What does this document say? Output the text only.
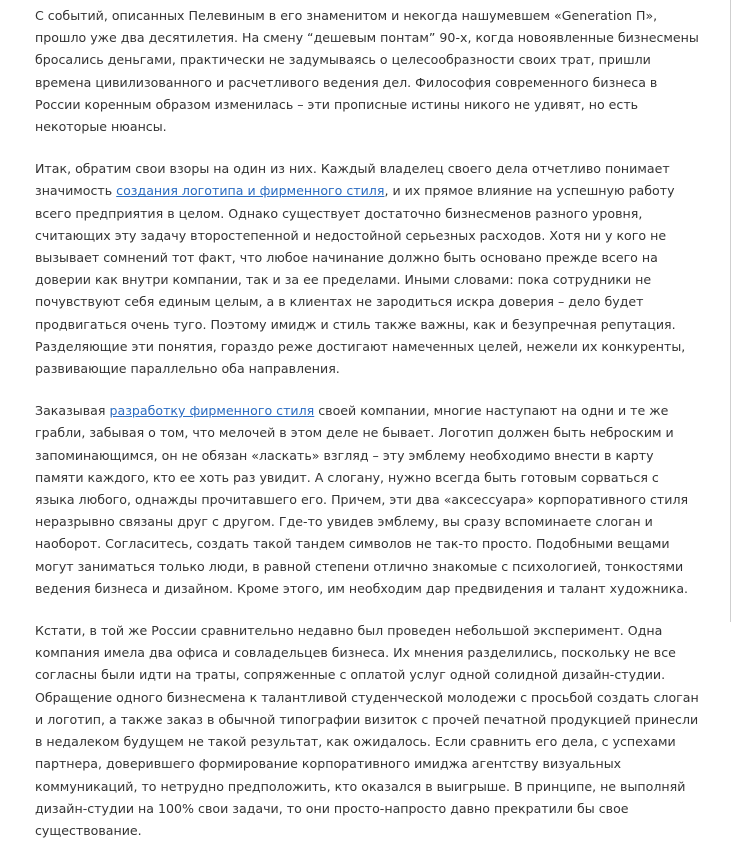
С событий, описанных Пелевиным в его знаменитом и некогда нашумевшем «Generation П», прошло уже два десятилетия. На смену “дешевым понтам” 90-х, когда новоявленные бизнесмены бросались деньгами, практически не задумываясь о целесообразности своих трат, пришли времена цивилизованного и расчетливого ведения дел. Философия современного бизнеса в России коренным образом изменилась – эти прописные истины никого не удивят, но есть некоторые нюансы.

Итак, обратим свои взоры на один из них. Каждый владелец своего дела отчетливо понимает значимость создания логотипа и фирменного стиля, и их прямое влияние на успешную работу всего предприятия в целом. Однако существует достаточно бизнесменов разного уровня, считающих эту задачу второстепенной и недостойной серьезных расходов. Хотя ни у кого не вызывает сомнений тот факт, что любое начинание должно быть основано прежде всего на доверии как внутри компании, так и за ее пределами. Иными словами: пока сотрудники не почувствуют себя единым целым, а в клиентах не зародиться искра доверия – дело будет продвигаться очень туго. Поэтому имидж и стиль также важны, как и безупречная репутация. Разделяющие эти понятия, гораздо реже достигают намеченных целей, нежели их конкуренты, развивающие параллельно оба направления.

Заказывая разработку фирменного стиля своей компании, многие наступают на одни и те же грабли, забывая о том, что мелочей в этом деле не бывает. Логотип должен быть неброским и запоминающимся, он не обязан «ласкать» взгляд – эту эмблему необходимо внести в карту памяти каждого, кто ее хоть раз увидит. А слогану, нужно всегда быть готовым сорваться с языка любого, однажды прочитавшего его. Причем, эти два «аксессуара» корпоративного стиля неразрывно связаны друг с другом. Где-то увидев эмблему, вы сразу вспоминаете слоган и наоборот. Согласитесь, создать такой тандем символов не так-то просто. Подобными вещами могут заниматься только люди, в равной степени отлично знакомые с психологией, тонкостями ведения бизнеса и дизайном. Кроме этого, им необходим дар предвидения и талант художника.

Кстати, в той же России сравнительно недавно был проведен небольшой эксперимент. Одна компания имела два офиса и совладельцев бизнеса. Их мнения разделились, поскольку не все согласны были идти на траты, сопряженные с оплатой услуг одной солидной дизайн-студии. Обращение одного бизнесмена к талантливой студенческой молодежи с просьбой создать слоган и логотип, а также заказ в обычной типографии визиток с прочей печатной продукцией принесли в недалеком будущем не такой результат, как ожидалось. Если сравнить его дела, с успехами партнера, доверившего формирование корпоративного имиджа агентству визуальных коммуникаций, то нетрудно предположить, кто оказался в выигрыше. В принципе, не выполняй дизайн-студии на 100% свои задачи, то они просто-напросто давно прекратили бы свое существование.
